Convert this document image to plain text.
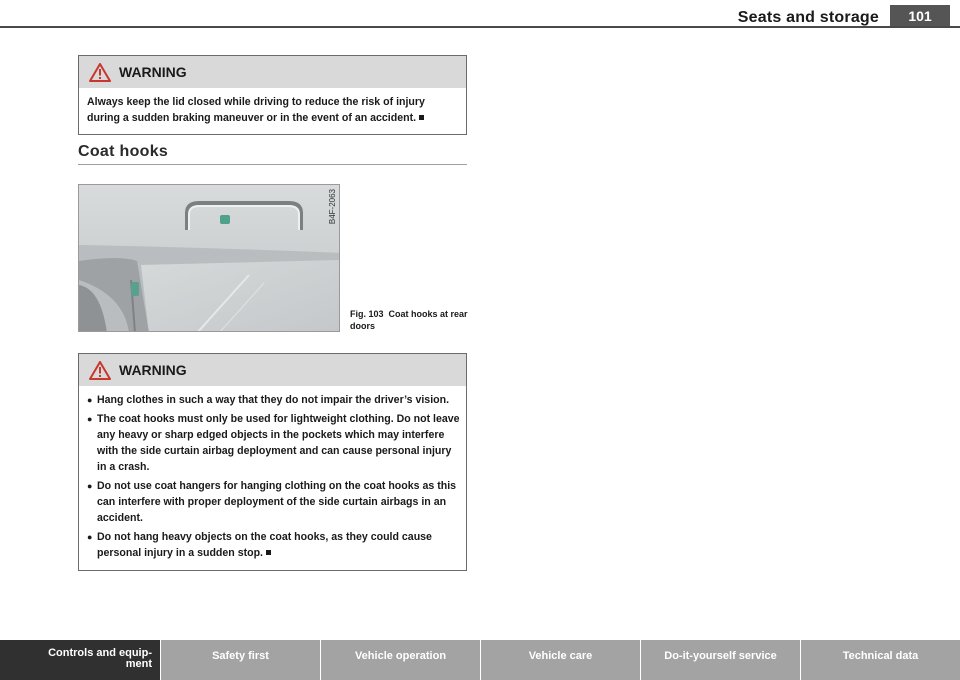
Seats and storage	101
WARNING

Always keep the lid closed while driving to reduce the risk of injury during a sudden braking maneuver or in the event of an accident.

Coat hooks
B4F-2063
Fig. 103 Coat hooks at rear doors
WARNING
● Hang clothes in such a way that they do not impair the driver’s vision.
● The coat hooks must only be used for lightweight clothing. Do not leave any heavy or sharp edged objects in the pockets which may interfere with the side curtain airbag deployment and can cause personal injury in a crash.
● Do not use coat hangers for hanging clothing on the coat hooks as this can interfere with proper deployment of the side curtain airbags in an accident.
● Do not hang heavy objects on the coat hooks, as they could cause personal injury in a sudden stop.
Controls and equip-
ment
Safety first	Vehicle operation	Vehicle care	Do-it-yourself service	Technical data
